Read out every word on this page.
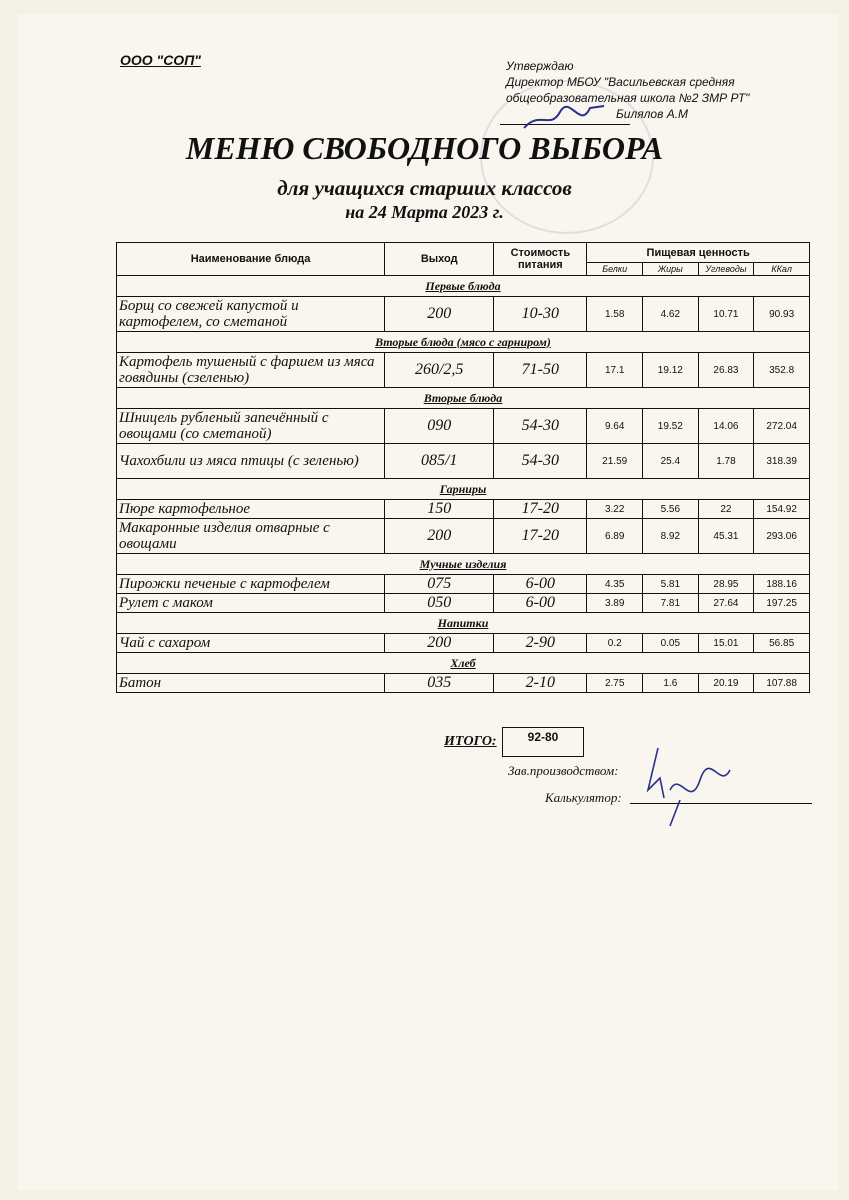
ООО "СОП"	Утверждаю
Директор МБОУ "Васильевская средняя
общеобразовательная школа №2 ЗМР РТ"
Билялов А.М
МЕНЮ СВОБОДНОГО ВЫБОРА
для учащихся старших классов
на 24 Марта 2023 г.
Наименование блюда	Выход	Стоимость питания	Пищевая ценность			
			Белки	Жиры	Углеводы	ККал
Первые блюда						
Борщ со свежей капустой и картофелем, со сметаной	200	10-30	1.58	4.62	10.71	90.93
Вторые блюда (мясо с гарниром)						
Картофель тушеный с фаршем из мяса говядины (сзеленью)	260/2,5	71-50	17.1	19.12	26.83	352.8
Вторые блюда						
Шницель рубленый запечённый с овощами (со сметаной)	090	54-30	9.64	19.52	14.06	272.04
Чахохбили из мяса птицы (с зеленью)	085/1	54-30	21.59	25.4	1.78	318.39
Гарниры						
Пюре картофельное	150	17-20	3.22	5.56	22	154.92
Макаронные изделия отварные с овощами	200	17-20	6.89	8.92	45.31	293.06
Мучные изделия						
Пирожки печеные с картофелем	075	6-00	4.35	5.81	28.95	188.16
Рулет с маком	050	6-00	3.89	7.81	27.64	197.25
Напитки						
Чай с сахаром	200	2-90	0.2	0.05	15.01	56.85
Хлеб						
Батон	035	2-10	2.75	1.6	20.19	107.88
ИТОГО:	92-80
Зав.производством:
Калькулятор:
